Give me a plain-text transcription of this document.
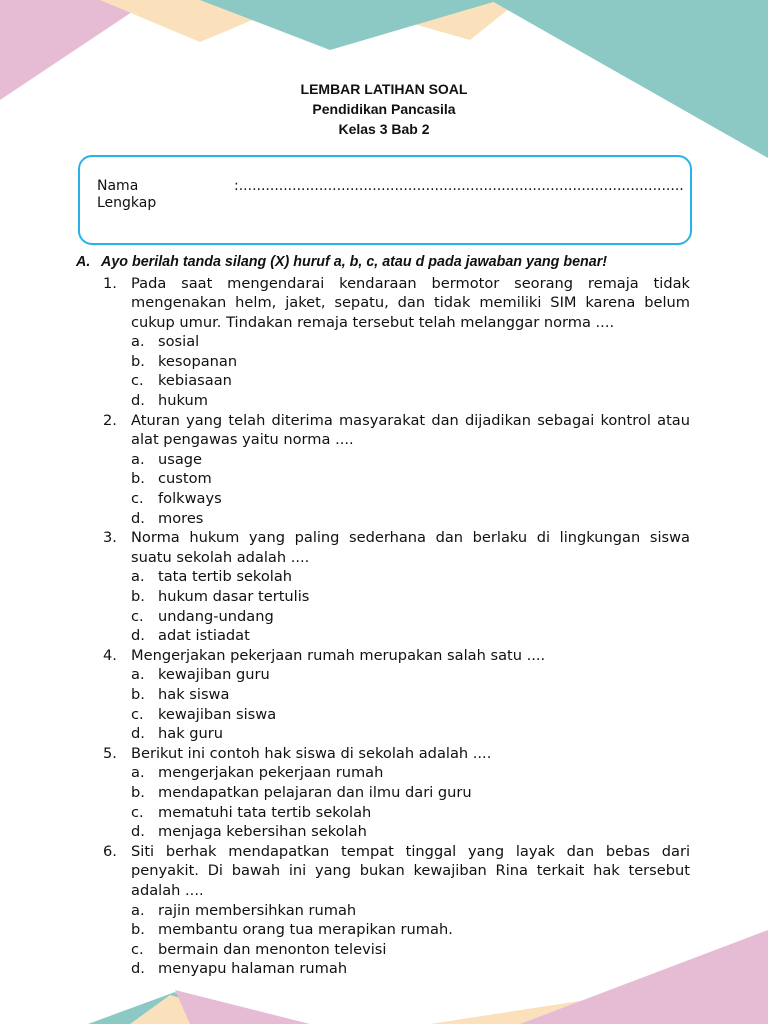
LEMBAR LATIHAN SOAL
Pendidikan Pancasila
Kelas 3 Bab 2
Nama Lengkap
:....................................................................................................
A. Ayo berilah tanda silang (X) huruf a, b, c, atau d pada jawaban yang benar!
1. Pada saat mengendarai kendaraan bermotor seorang remaja tidak mengenakan helm, jaket, sepatu, dan tidak memiliki SIM karena belum cukup umur. Tindakan remaja tersebut telah melanggar norma ....
a. sosial
b. kesopanan
c. kebiasaan
d. hukum
2. Aturan yang telah diterima masyarakat dan dijadikan sebagai kontrol atau alat pengawas yaitu norma ....
a. usage
b. custom
c. folkways
d. mores
3. Norma hukum yang paling sederhana dan berlaku di lingkungan siswa suatu sekolah adalah ....
a. tata tertib sekolah
b. hukum dasar tertulis
c. undang-undang
d. adat istiadat
4. Mengerjakan pekerjaan rumah merupakan salah satu ....
a. kewajiban guru
b. hak siswa
c. kewajiban siswa
d. hak guru
5. Berikut ini contoh hak siswa di sekolah adalah ....
a. mengerjakan pekerjaan rumah
b. mendapatkan pelajaran dan ilmu dari guru
c. mematuhi tata tertib sekolah
d. menjaga kebersihan sekolah
6. Siti berhak mendapatkan tempat tinggal yang layak dan bebas dari penyakit. Di bawah ini yang bukan kewajiban Rina terkait hak tersebut adalah ....
a. rajin membersihkan rumah
b. membantu orang tua merapikan rumah.
c. bermain dan menonton televisi
d. menyapu halaman rumah
